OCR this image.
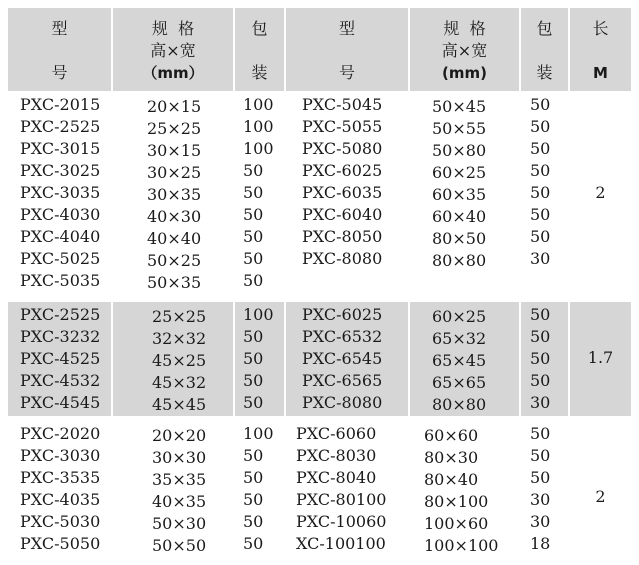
型
号
规  格
高×宽
（mm）
包
装
型
号
规  格
高×宽
(mm)
包
装
长
M
PXC-2015
PXC-2525
PXC-3015
PXC-3025
PXC-3035
PXC-4030
PXC-4040
PXC-5025
PXC-5035
20×15
25×25
30×15
30×25
30×35
40×30
40×40
50×25
50×35
100
100
100
50
50
50
50
50
50
PXC-5045
PXC-5055
PXC-5080
PXC-6025
PXC-6035
PXC-6040
PXC-8050
PXC-8080
50×45
50×55
50×80
60×25
60×35
60×40
80×50
80×80
50
50
50
50
50
50
50
30
2
PXC-2525
PXC-3232
PXC-4525
PXC-4532
PXC-4545
25×25
32×32
45×25
45×32
45×45
100
50
50
50
50
PXC-6025
PXC-6532
PXC-6545
PXC-6565
PXC-8080
60×25
65×32
65×45
65×65
80×80
50
50
50
50
30
1.7
PXC-2020
PXC-3030
PXC-3535
PXC-4035
PXC-5030
PXC-5050
20×20
30×30
35×35
40×35
50×30
50×50
100
50
50
50
50
50
PXC-6060
PXC-8030
PXC-8040
PXC-80100
PXC-10060
XC-100100
60×60
80×30
80×40
80×100
100×60
100×100
50
50
50
30
30
18
2
